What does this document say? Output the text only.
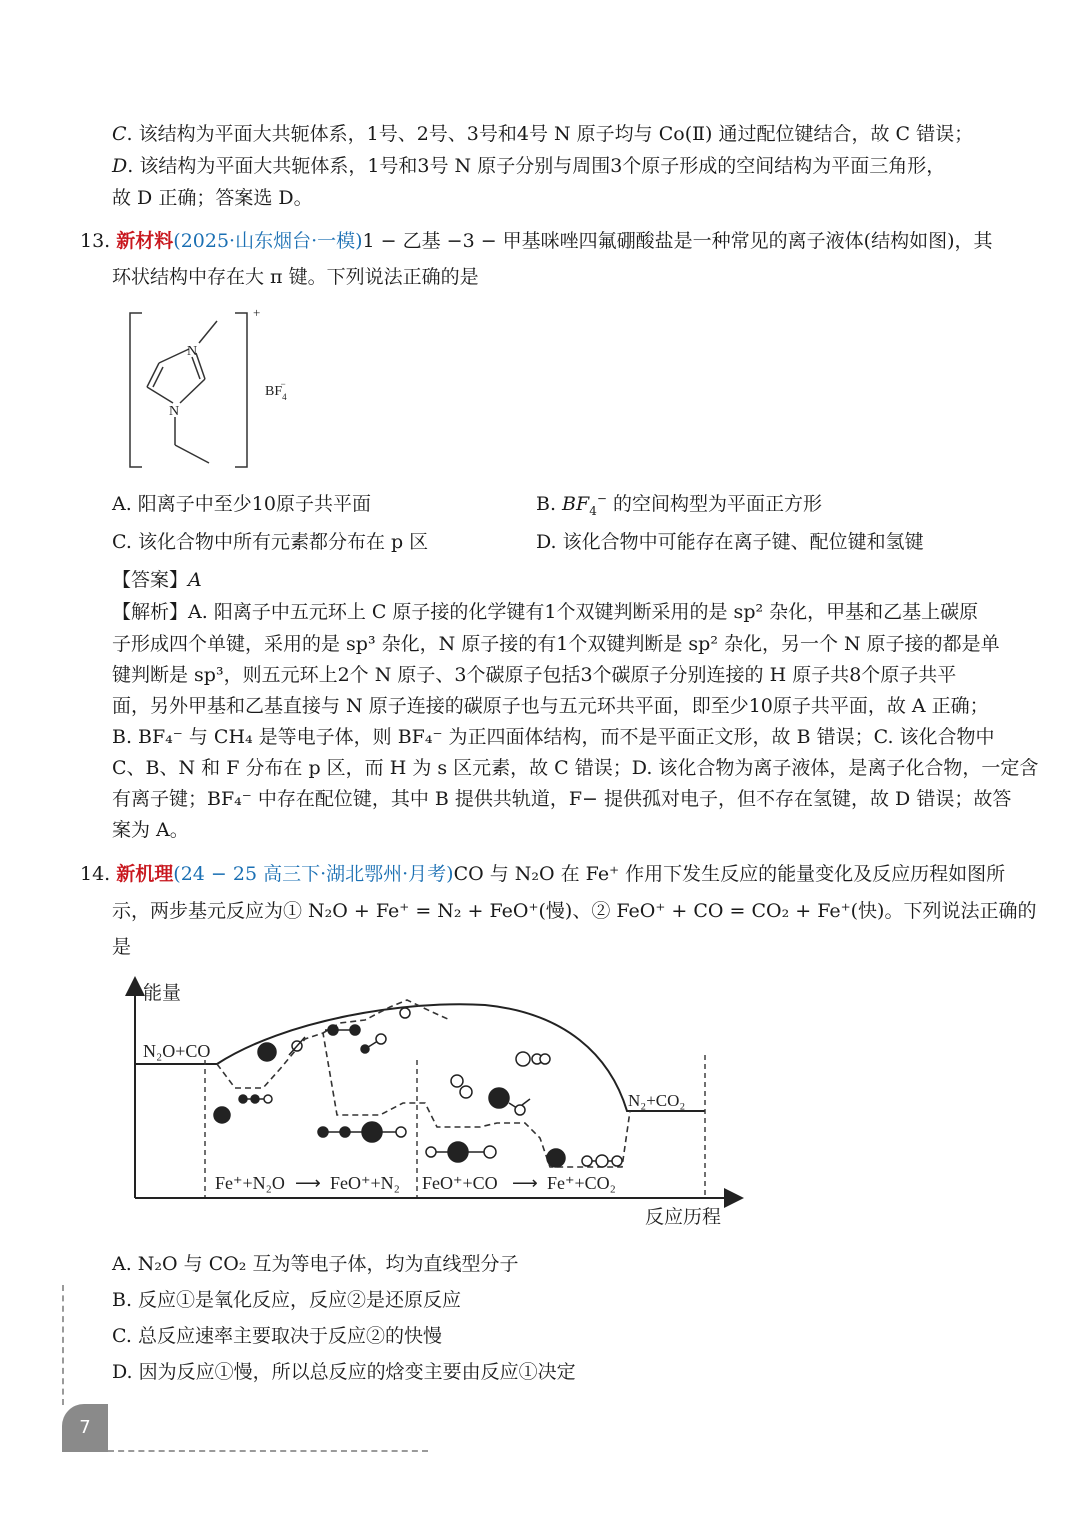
C. 该结构为平面大共轭体系，1号、2号、3号和4号 N 原子均与 Co(Ⅱ) 通过配位键结合，故 C 错误；
D. 该结构为平面大共轭体系，1号和3号 N 原子分别与周围3个原子形成的空间结构为平面三角形，
故 D 正确；答案选 D。
13. 新材料(2025·山东烟台·一模)1 − 乙基 −3 − 甲基咪唑四氟硼酸盐是一种常见的离子液体(结构如图)，其
环状结构中存在大 π 键。下列说法正确的是
N
N
+
$BF_4-$
A. 阳离子中至少10原子共平面	B. $BF_4^-$ 的空间构型为平面正方形
C. 该化合物中所有元素都分布在 p 区	D. 该化合物中可能存在离子键、配位键和氢键
【答案】A
【解析】A. 阳离子中五元环上 C 原子接的化学键有1个双键判断采用的是 sp² 杂化，甲基和乙基上碳原
子形成四个单键，采用的是 sp³ 杂化，N 原子接的有1个双键判断是 sp² 杂化，另一个 N 原子接的都是单
键判断是 sp³，则五元环上2个 N 原子、3个碳原子包括3个碳原子分别连接的 H 原子共8个原子共平
面，另外甲基和乙基直接与 N 原子连接的碳原子也与五元环共平面，即至少10原子共平面，故 A 正确；
B. BF₄⁻ 与 CH₄ 是等电子体，则 BF₄⁻ 为正四面体结构，而不是平面正文形，故 B 错误；C. 该化合物中
C、B、N 和 F 分布在 p 区，而 H 为 s 区元素，故 C 错误；D. 该化合物为离子液体，是离子化合物，一定含
有离子键；BF₄⁻ 中存在配位键，其中 B 提供共轨道，F− 提供孤对电子，但不存在氢键，故 D 错误；故答
案为 A。
14. 新机理(24 − 25 高三下·湖北鄂州·月考)CO 与 N₂O 在 Fe⁺ 作用下发生反应的能量变化及反应历程如图所
示，两步基元反应为① N₂O + Fe⁺ = N₂ + FeO⁺(慢)、② FeO⁺ + CO = CO₂ + Fe⁺(快)。下列说法正确的
是
能量
反应历程
N₂O+CO
N₂+CO₂
Fe⁺+N₂O ⟶ FeO⁺+N₂ FeO⁺+CO ⟶ Fe⁺+CO₂
A. N₂O 与 CO₂ 互为等电子体，均为直线型分子
B. 反应①是氧化反应，反应②是还原反应
C. 总反应速率主要取决于反应②的快慢
D. 因为反应①慢，所以总反应的焓变主要由反应①决定
7
